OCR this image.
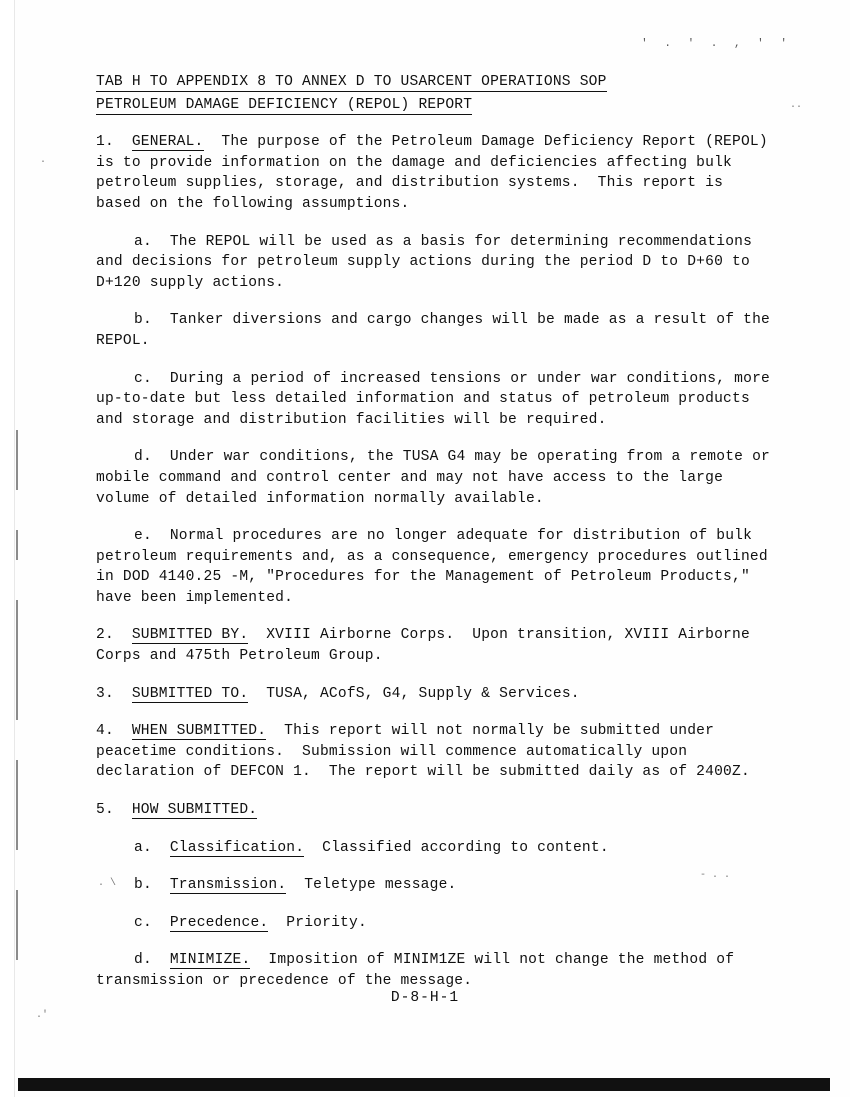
' . ' . , ' '
TAB H TO APPENDIX 8 TO ANNEX D TO USARCENT OPERATIONS SOP
PETROLEUM DAMAGE DEFICIENCY (REPOL) REPORT
1. GENERAL.  The purpose of the Petroleum Damage Deficiency Report (REPOL) is to provide information on the damage and deficiencies affecting bulk petroleum supplies, storage, and distribution systems.  This report is based on the following assumptions.
a.  The REPOL will be used as a basis for determining recommendations and decisions for petroleum supply actions during the period D to D+60 to D+120 supply actions.
b.  Tanker diversions and cargo changes will be made as a result of the REPOL.
c.  During a period of increased tensions or under war conditions, more up-to-date but less detailed information and status of petroleum products and storage and distribution facilities will be required.
d.  Under war conditions, the TUSA G4 may be operating from a remote or mobile command and control center and may not have access to the large volume of detailed information normally available.
e.  Normal procedures are no longer adequate for distribution of bulk petroleum requirements and, as a consequence, emergency procedures outlined in DOD 4140.25 -M, "Procedures for the Management of Petroleum Products," have been implemented.
2. SUBMITTED BY.  XVIII Airborne Corps.  Upon transition, XVIII Airborne Corps and 475th Petroleum Group.
3. SUBMITTED TO.  TUSA, ACofS, G4, Supply & Services.
4. WHEN SUBMITTED.  This report will not normally be submitted under peacetime conditions.  Submission will commence automatically upon declaration of DEFCON 1.  The report will be submitted daily as of 2400Z.
5. HOW SUBMITTED.
a. Classification.  Classified according to content.
b. Transmission.  Teletype message.
c. Precedence.  Priority.
d. MINIMIZE.  Imposition of MINIM1ZE will not change the method of transmission or precedence of the message.
D-8-H-1
.
.'
- . .
. \
..
